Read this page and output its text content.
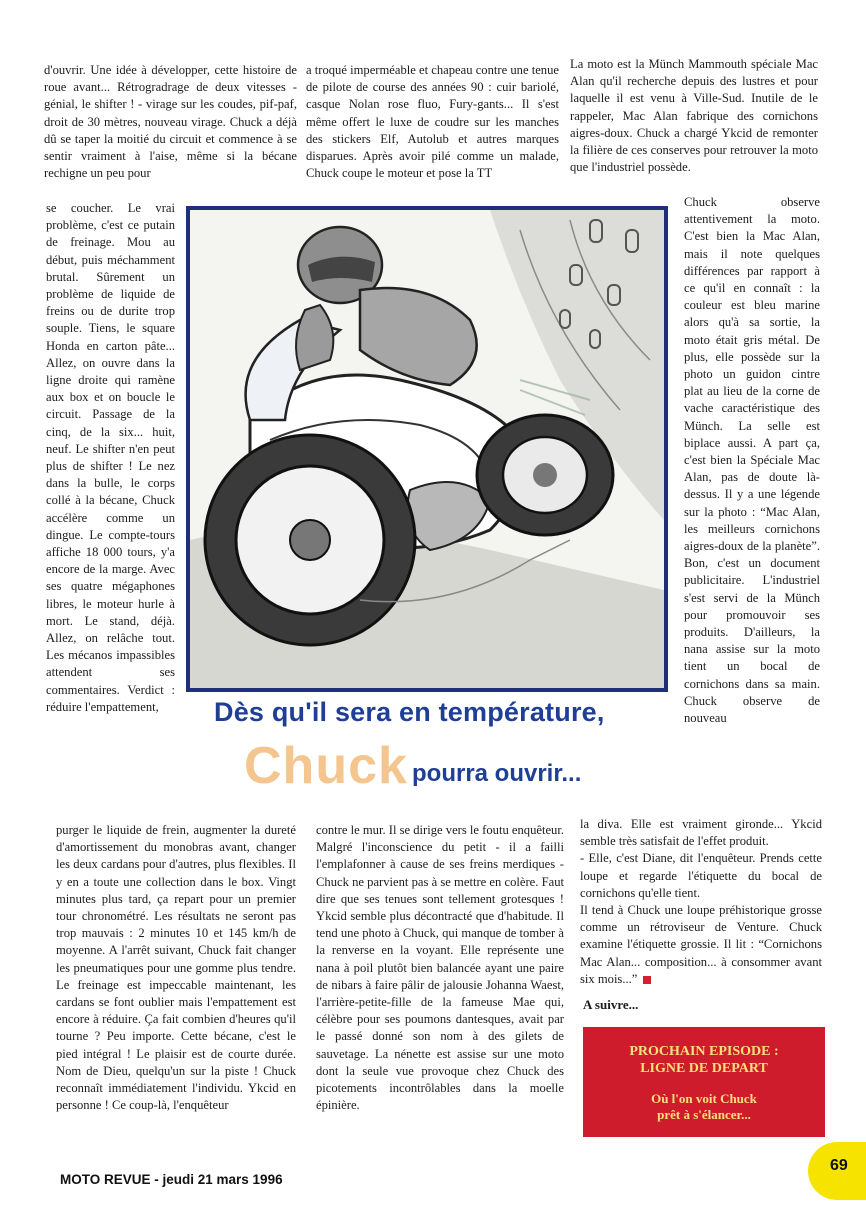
d'ouvrir. Une idée à développer, cette histoire de roue avant... Rétrogradrage de deux vitesses - génial, le shifter ! - virage sur les coudes, pif-paf, droit de 30 mètres, nouveau virage. Chuck a déjà dû se taper la moitié du circuit et commence à se sentir vraiment à l'aise, même si la bécane rechigne un peu pour

se coucher. Le vrai problème, c'est ce putain de freinage. Mou au début, puis méchamment brutal. Sûrement un problème de liquide de freins ou de durite trop souple. Tiens, le square Honda en carton pâte... Allez, on ouvre dans la ligne droite qui ramène aux box et on boucle le circuit. Passage de la cinq, de la six... huit, neuf. Le shifter n'en peut plus de shifter ! Le nez dans la bulle, le corps collé à la bécane, Chuck accélère comme un dingue. Le compte-tours affiche 18 000 tours, y'a encore de la marge. Avec ses quatre mégaphones libres, le moteur hurle à mort. Le stand, déjà. Allez, on relâche tout. Les mécanos impassibles attendent ses commentaires. Verdict : réduire l'empattement,

purger le liquide de frein, augmenter la dureté d'amortissement du monobras avant, changer les deux cardans pour d'autres, plus flexibles. Il y en a toute une collection dans le box. Vingt minutes plus tard, ça repart pour un premier tour chronométré. Les résultats ne seront pas trop mauvais : 2 minutes 10 et 145 km/h de moyenne. A l'arrêt suivant, Chuck fait changer les pneumatiques pour une gomme plus tendre. Le freinage est impeccable maintenant, les cardans se font oublier mais l'empattement est encore à réduire. Ça fait combien d'heures qu'il tourne ? Peu importe. Cette bécane, c'est le pied intégral ! Le plaisir est de courte durée. Nom de Dieu, quelqu'un sur la piste ! Chuck reconnaît immédiatement l'individu. Ykcid en personne ! Ce coup-là, l'enquêteur

a troqué imperméable et chapeau contre une tenue de pilote de course des années 90 : cuir bariolé, casque Nolan rose fluo, Fury-gants... Il s'est même offert le luxe de coudre sur les manches des stickers Elf, Autolub et autres marques disparues. Après avoir pilé comme un malade, Chuck coupe le moteur et pose la TT

contre le mur. Il se dirige vers le foutu enquêteur. Malgré l'inconscience du petit - il a failli l'emplafonner à cause de ses freins merdiques - Chuck ne parvient pas à se mettre en colère. Faut dire que ses tenues sont tellement grotesques ! Ykcid semble plus décontracté que d'habitude. Il tend une photo à Chuck, qui manque de tomber à la renverse en la voyant. Elle représente une nana à poil plutôt bien balancée ayant une paire de nibars à faire pâlir de jalousie Johanna Waest, l'arrière-petite-fille de la fameuse Mae qui, célèbre pour ses poumons dantesques, avait par le passé donné son nom à des gilets de sauvetage. La nénette est assise sur une moto dont la seule vue provoque chez Chuck des picotements incontrôlables dans la moelle épinière.

La moto est la Münch Mammouth spéciale Mac Alan qu'il recherche depuis des lustres et pour laquelle il est venu à Ville-Sud. Inutile de le rappeler, Mac Alan fabrique des cornichons aigres-doux. Chuck a chargé Ykcid de remonter la filière de ces conserves pour retrouver la moto que l'industriel possède.

Chuck observe attentivement la moto. C'est bien la Mac Alan, mais il note quelques différences par rapport à ce qu'il en connaît : la couleur est bleu marine alors qu'à sa sortie, la moto était gris métal. De plus, elle possède sur la photo un guidon cintre plat au lieu de la corne de vache caractéristique des Münch. La selle est biplace aussi. A part ça, c'est bien la Spéciale Mac Alan, pas de doute là-dessus. Il y a une légende sur la photo : “Mac Alan, les meilleurs cornichons aigres-doux de la planète”. Bon, c'est un document publicitaire. L'industriel s'est servi de la Münch pour promouvoir ses produits. D'ailleurs, la nana assise sur la moto tient un bocal de cornichons dans sa main. Chuck observe de nouveau

la diva. Elle est vraiment gironde... Ykcid semble très satisfait de l'effet produit.

- Elle, c'est Diane, dit l'enquêteur. Prends cette loupe et regarde l'étiquette du bocal de cornichons qu'elle tient.

Il tend à Chuck une loupe préhistorique grosse comme un rétroviseur de Venture. Chuck examine l'étiquette grossie. Il lit : “Cornichons Mac Alan... composition... à consommer avant six mois...”

Dès qu'il sera en température,

Chuck pourra ouvrir...

A suivre...

PROCHAIN EPISODE :
LIGNE DE DEPART
Où l'on voit Chuck
prêt à s'élancer...

MOTO REVUE - jeudi 21 mars 1996

69
